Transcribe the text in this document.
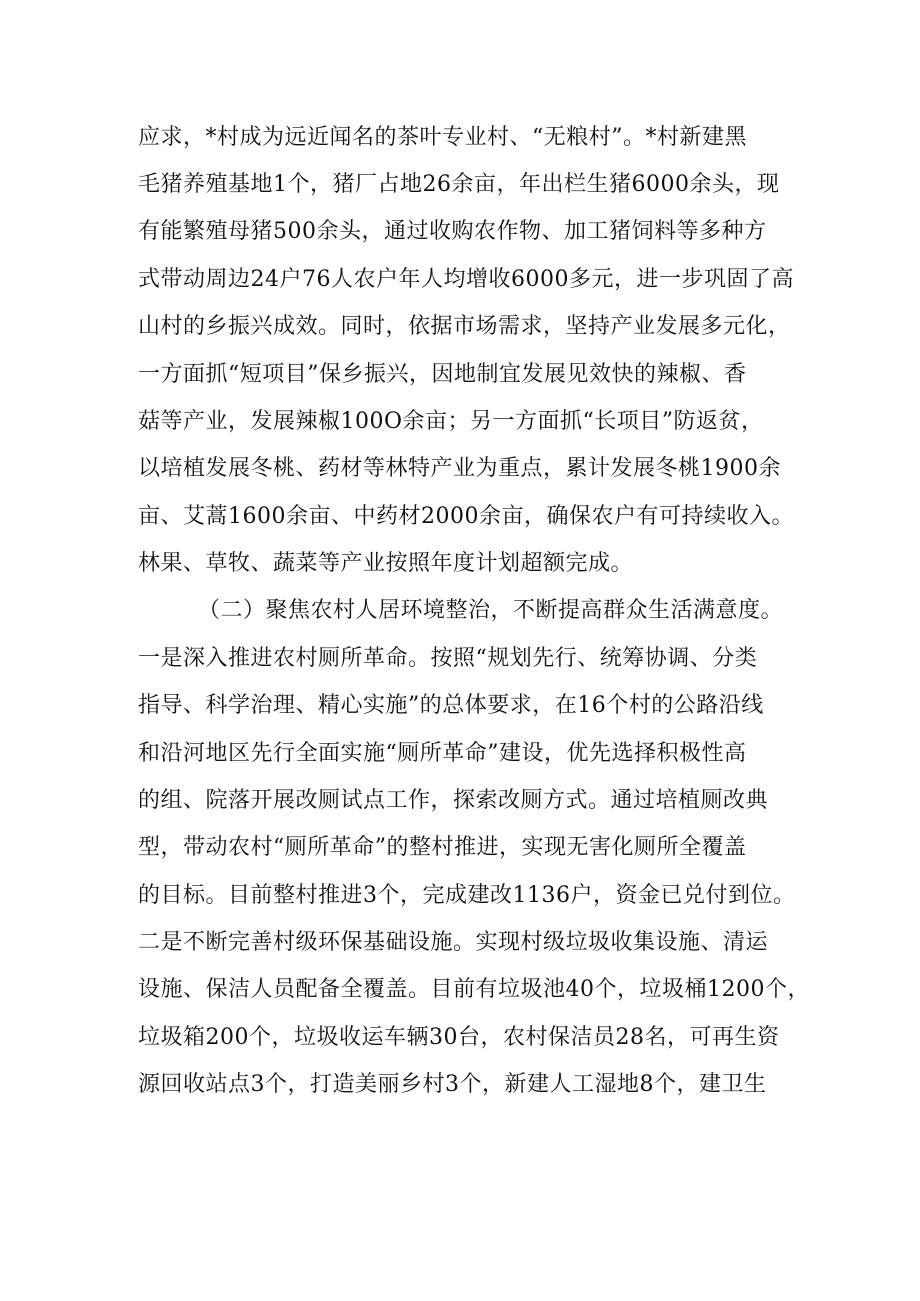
应求，*村成为远近闻名的茶叶专业村、“无粮村”。*村新建黑
毛猪养殖基地1个，猪厂占地26余亩，年出栏生猪6000余头，现
有能繁殖母猪500余头，通过收购农作物、加工猪饲料等多种方
式带动周边24户76人农户年人均增收6000多元，进一步巩固了高
山村的乡振兴成效。同时，依据市场需求，坚持产业发展多元化，
一方面抓“短项目”保乡振兴，因地制宜发展见效快的辣椒、香
菇等产业，发展辣椒100O余亩；另一方面抓“长项目”防返贫，
以培植发展冬桃、药材等林特产业为重点，累计发展冬桃1900余
亩、艾蒿1600余亩、中药材2000余亩，确保农户有可持续收入。
林果、草牧、蔬菜等产业按照年度计划超额完成。
（二）聚焦农村人居环境整治，不断提高群众生活满意度。
一是深入推进农村厕所革命。按照“规划先行、统筹协调、分类
指导、科学治理、精心实施”的总体要求，在16个村的公路沿线
和沿河地区先行全面实施“厕所革命”建设，优先选择积极性高
的组、院落开展改厕试点工作，探索改厕方式。通过培植厕改典
型，带动农村“厕所革命”的整村推进，实现无害化厕所全覆盖
的目标。目前整村推进3个，完成建改1136户，资金已兑付到位。
二是不断完善村级环保基础设施。实现村级垃圾收集设施、清运
设施、保洁人员配备全覆盖。目前有垃圾池40个，垃圾桶1200个，
垃圾箱200个，垃圾收运车辆30台，农村保洁员28名，可再生资
源回收站点3个，打造美丽乡村3个，新建人工湿地8个，建卫生
